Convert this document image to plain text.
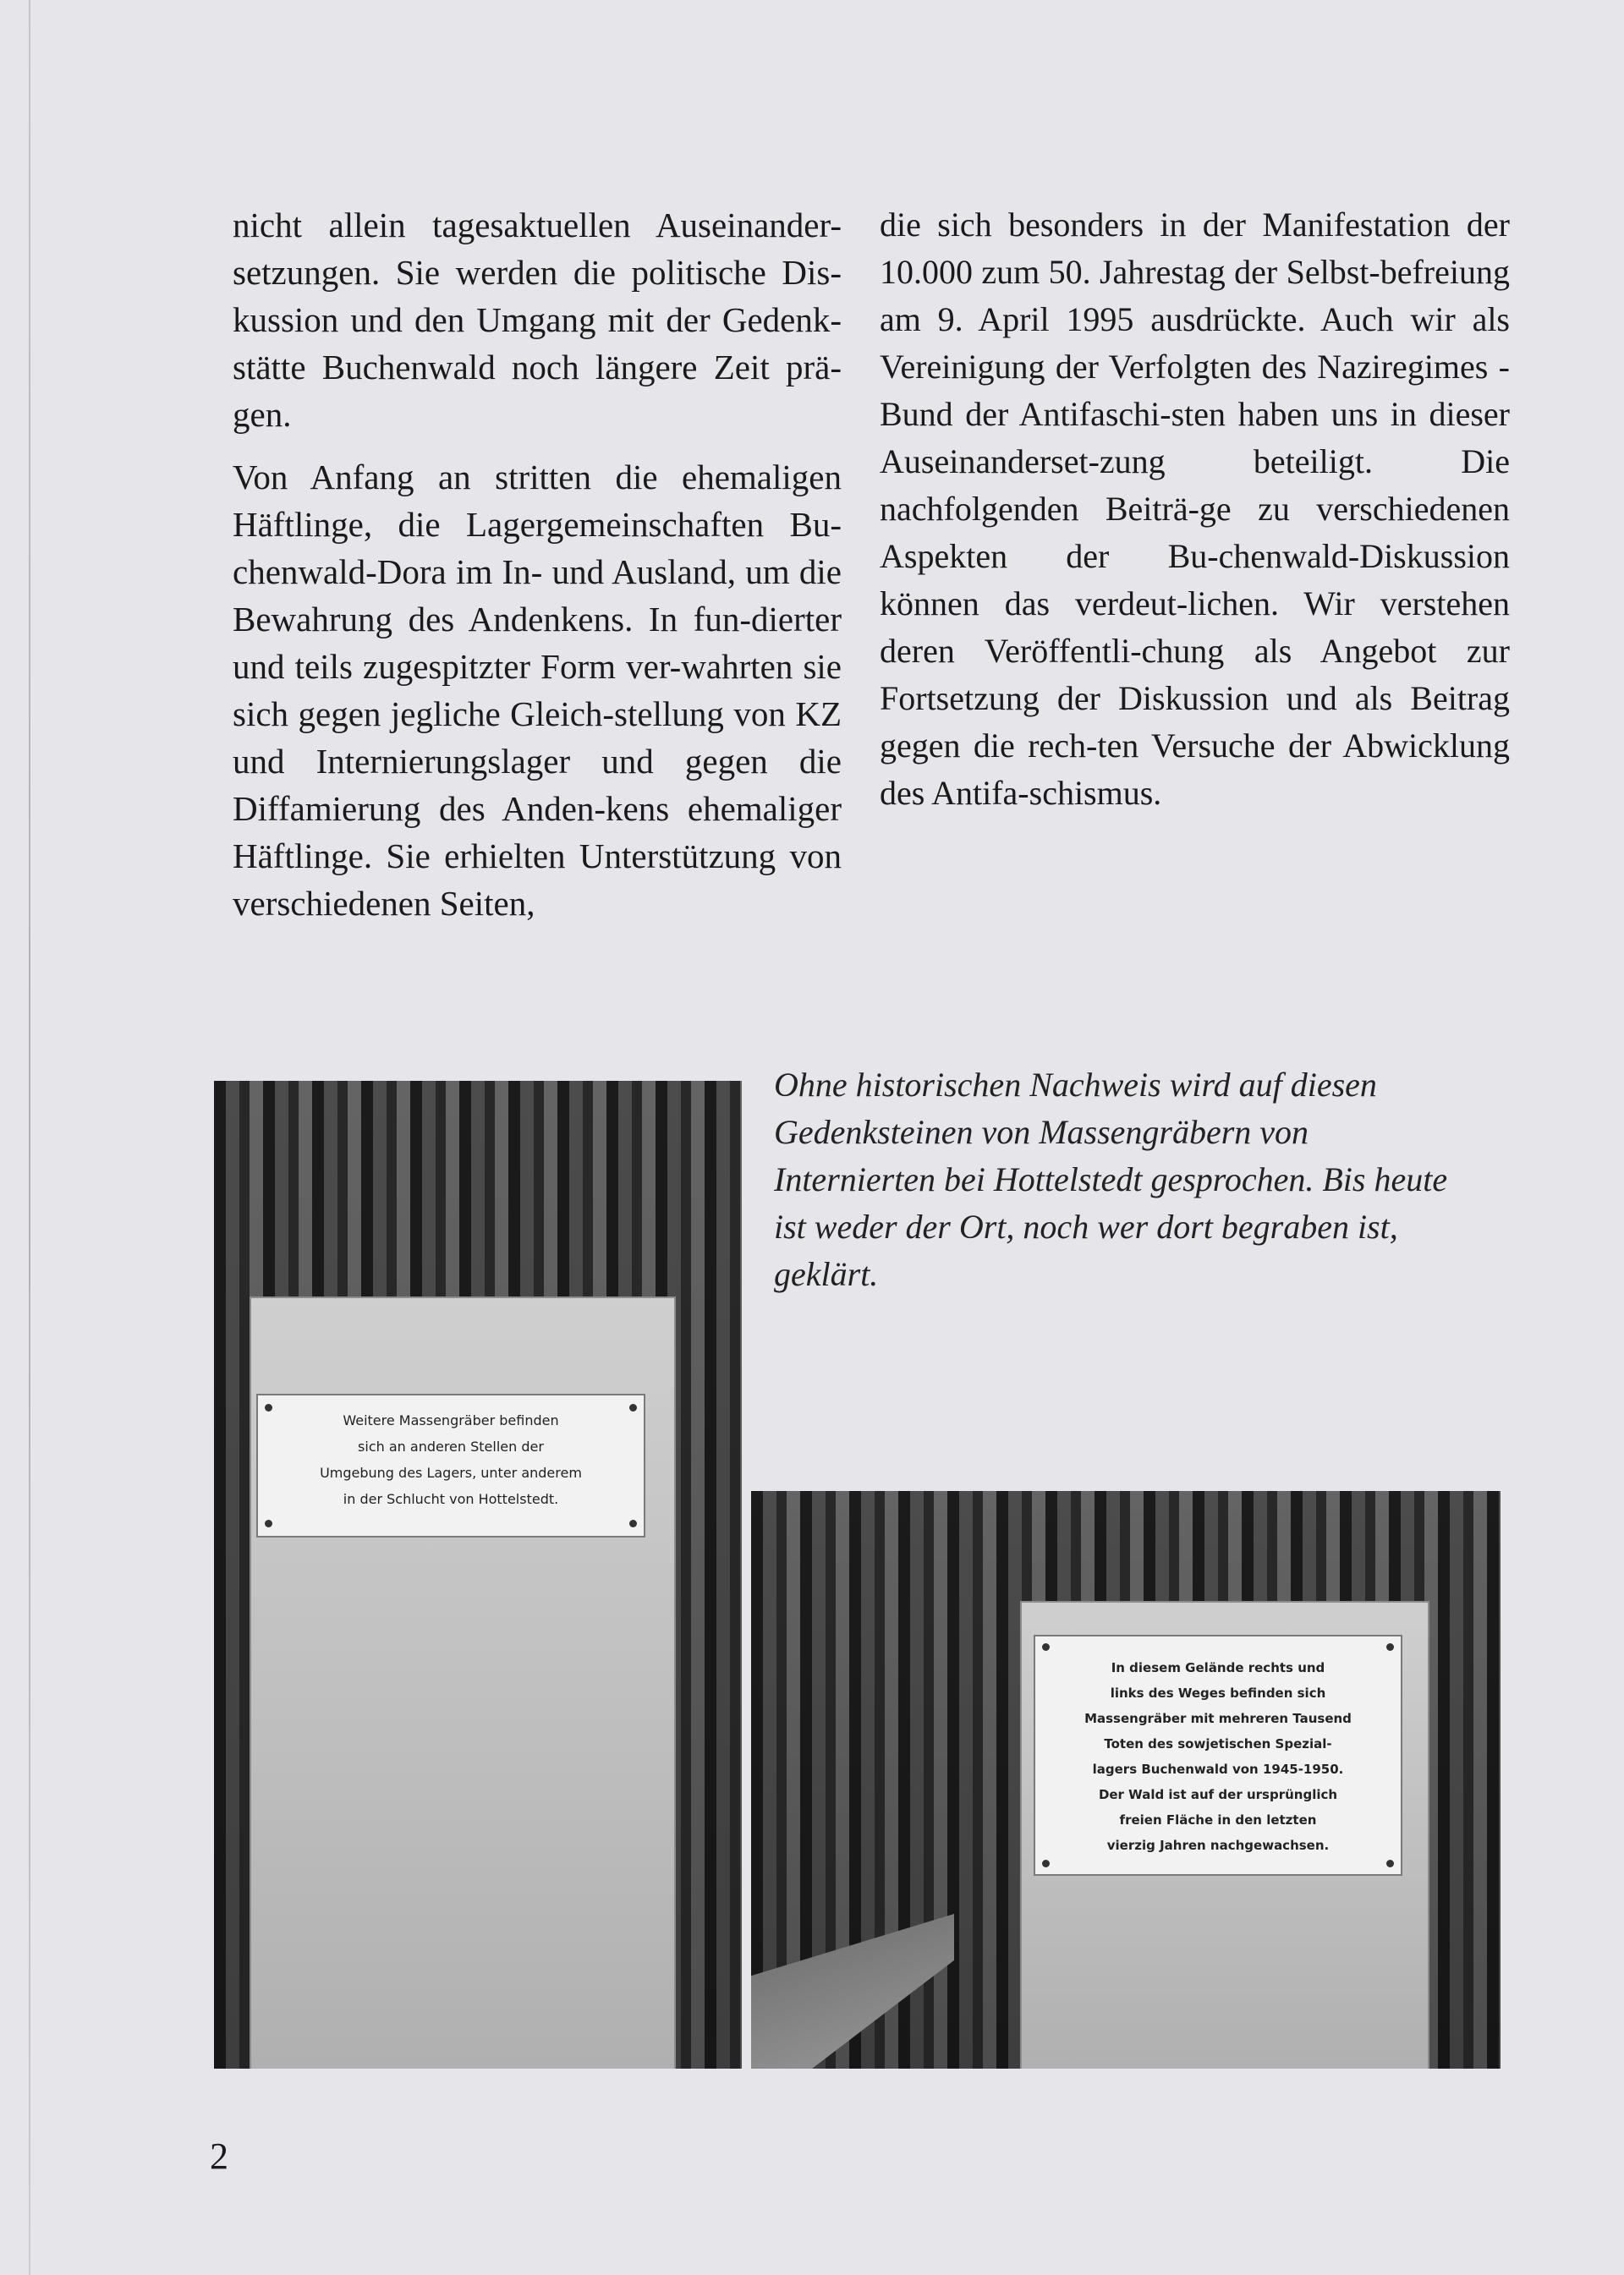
nicht allein tagesaktuellen Auseinander-setzungen. Sie werden die politische Dis-kussion und den Umgang mit der Gedenk-stätte Buchenwald noch längere Zeit prä-gen.

Von Anfang an stritten die ehemaligen Häftlinge, die Lagergemeinschaften Bu-chenwald-Dora im In- und Ausland, um die Bewahrung des Andenkens. In fun-dierter und teils zugespitzter Form ver-wahrten sie sich gegen jegliche Gleich-stellung von KZ und Internierungslager und gegen die Diffamierung des Anden-kens ehemaliger Häftlinge. Sie erhielten Unterstützung von verschiedenen Seiten,

die sich besonders in der Manifestation der 10.000 zum 50. Jahrestag der Selbst-befreiung am 9. April 1995 ausdrückte. Auch wir als Vereinigung der Verfolgten des Naziregimes - Bund der Antifaschi-sten haben uns in dieser Auseinanderset-zung beteiligt. Die nachfolgenden Beiträ-ge zu verschiedenen Aspekten der Bu-chenwald-Diskussion können das verdeut-lichen. Wir verstehen deren Veröffentli-chung als Angebot zur Fortsetzung der Diskussion und als Beitrag gegen die rech-ten Versuche der Abwicklung des Antifa-schismus.

Ohne historischen Nachweis wird auf diesen Gedenksteinen von Massengräbern von Internierten bei Hottelstedt gesprochen. Bis heute ist weder der Ort, noch wer dort begraben ist, geklärt.
Weitere Massengräber befinden
sich an anderen Stellen der
Umgebung des Lagers, unter anderem
in der Schlucht von Hottelstedt.
In diesem Gelände rechts und
links des Weges befinden sich
Massengräber mit mehreren Tausend
Toten des sowjetischen Spezial-
lagers Buchenwald von 1945-1950.
Der Wald ist auf der ursprünglich
freien Fläche in den letzten
vierzig Jahren nachgewachsen.
2
